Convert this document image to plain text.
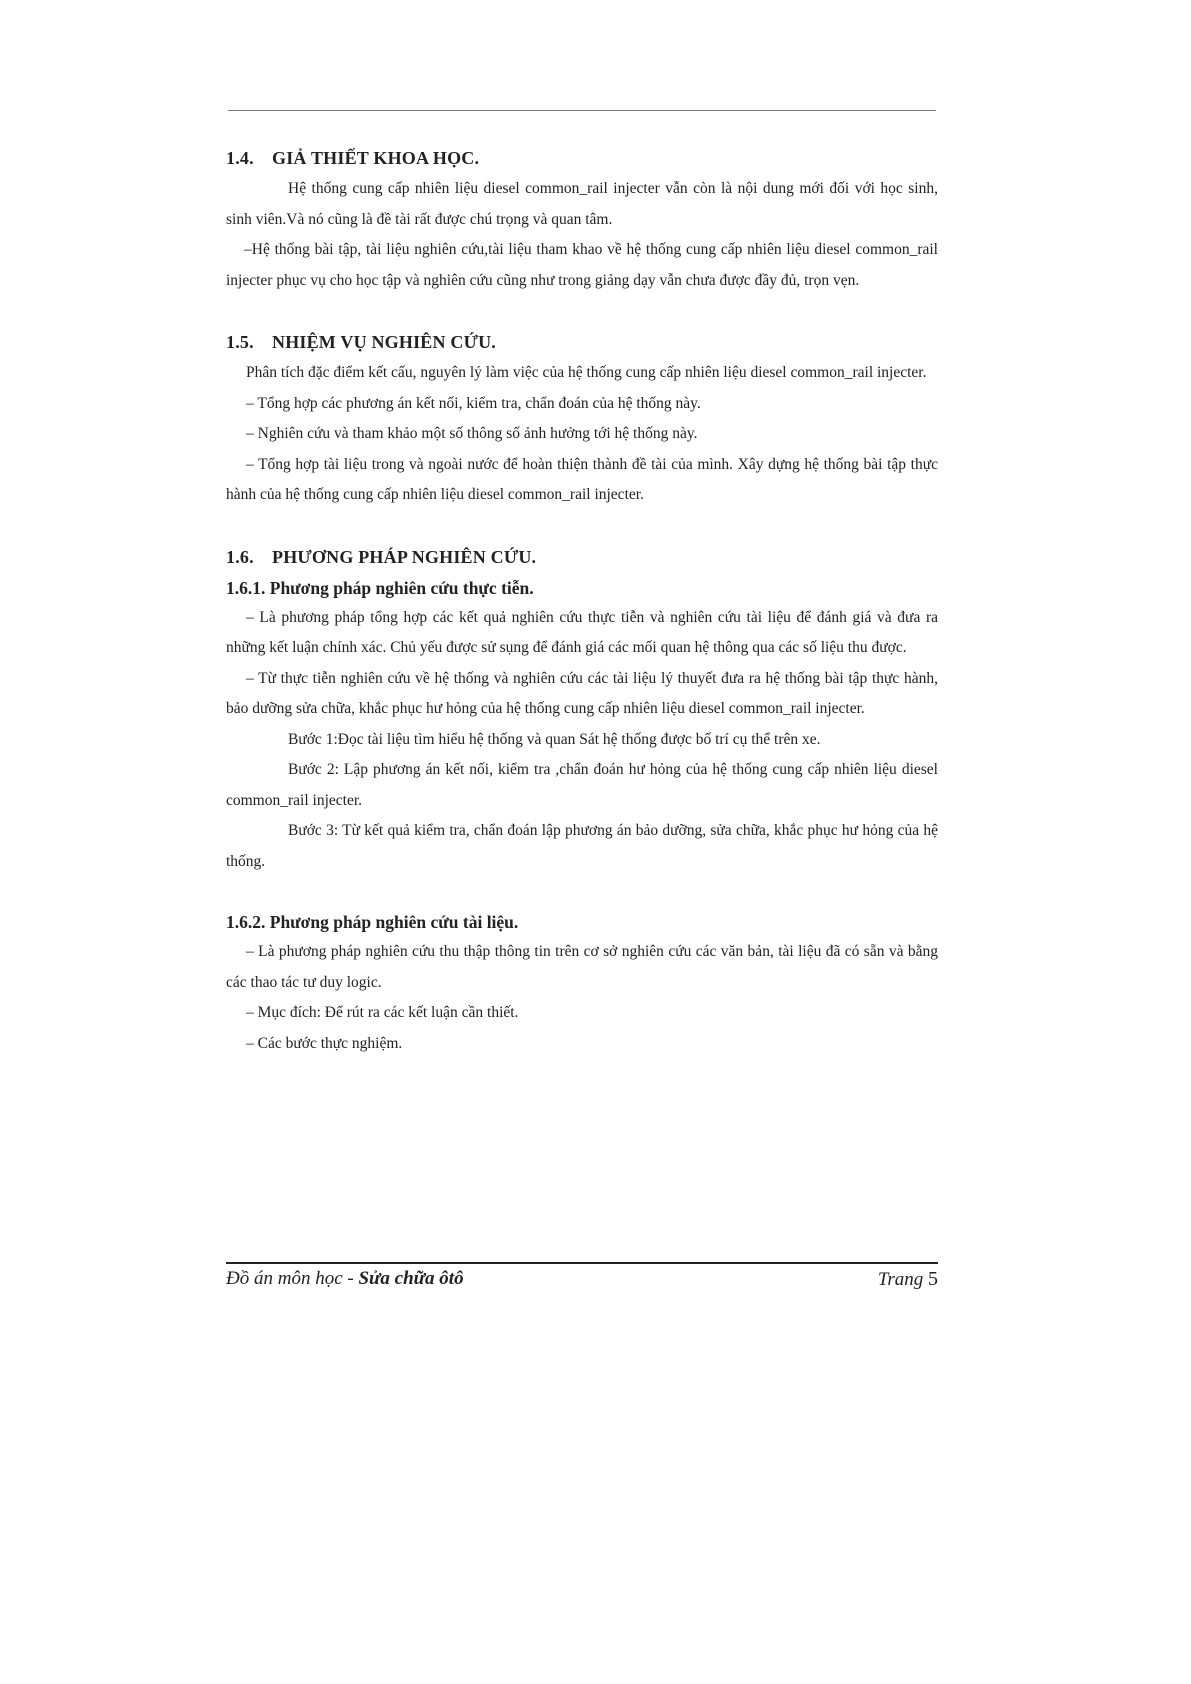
1.4. GIẢ THIẾT KHOA HỌC.

Hệ thống cung cấp nhiên liệu diesel common_rail injecter vẫn còn là nội dung mới đối với học sinh, sinh viên.Và nó cũng là đề tài rất được chú trọng và quan tâm.

–Hệ thống bài tập, tài liệu nghiên cứu,tài liệu tham khao về hệ thống cung cấp nhiên liệu diesel common_rail injecter phục vụ cho học tập và nghiên cứu cũng như trong giảng dạy vẫn chưa được đầy đủ, trọn vẹn.

1.5. NHIỆM VỤ NGHIÊN CỨU.

Phân tích đặc điểm kết cấu, nguyên lý làm việc của hệ thống cung cấp nhiên liệu diesel common_rail injecter.

– Tổng hợp các phương án kết nối, kiểm tra, chẩn đoán của hệ thống này.

– Nghiên cứu và tham khảo một số thông số ảnh hưởng tới hệ thống này.

– Tổng hợp tài liệu trong và ngoài nước để hoàn thiện thành đề tài của mình. Xây dựng hệ thống bài tập thực hành của hệ thống cung cấp nhiên liệu diesel common_rail injecter.

1.6. PHƯƠNG PHÁP NGHIÊN CỨU.
1.6.1. Phương pháp nghiên cứu thực tiễn.

– Là phương pháp tổng hợp các kết quả nghiên cứu thực tiễn và nghiên cứu tài liệu để đánh giá và đưa ra những kết luận chính xác. Chủ yếu được sử sụng để đánh giá các mối quan hệ thông qua các số liệu thu được.

– Từ thực tiễn nghiên cứu về hệ thống và nghiên cứu các tài liệu lý thuyết đưa ra hệ thống bài tập thực hành, bảo dưỡng sửa chữa, khắc phục hư hỏng của hệ thống cung cấp nhiên liệu diesel common_rail injecter.

Bước 1:Đọc tài liệu tìm hiểu hệ thống và quan Sát hệ thống được bố trí cụ thể trên xe.

Bước 2: Lập phương án kết nối, kiểm tra ,chẩn đoán hư hỏng của hệ thống cung cấp nhiên liệu diesel common_rail injecter.

Bước 3: Từ kết quả kiểm tra, chẩn đoán lập phương án bảo dưỡng, sửa chữa, khắc phục hư hỏng của hệ thống.

1.6.2. Phương pháp nghiên cứu tài liệu.

– Là phương pháp nghiên cứu thu thập thông tin trên cơ sở nghiên cứu các văn bản, tài liệu đã có sẵn và bằng các thao tác tư duy logic.

– Mục đích: Để rút ra các kết luận cần thiết.

– Các bước thực nghiệm.

Đồ án môn học - Sửa chữa ôtô	Trang 5
